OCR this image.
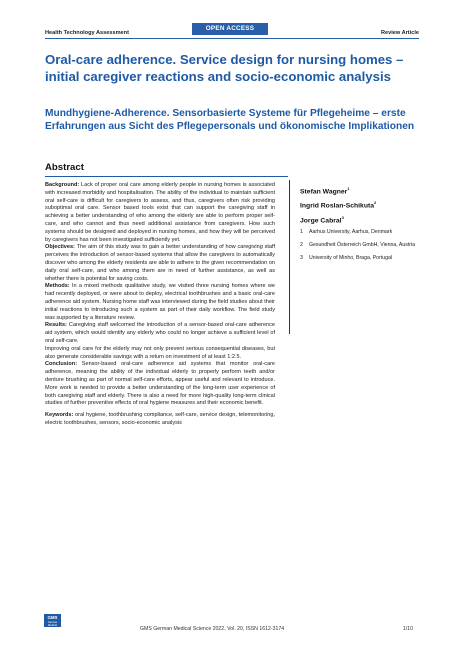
Health Technology Assessment
OPEN ACCESS
Review Article
Oral-care adherence. Service design for nursing homes – initial caregiver reactions and socio-economic analysis
Mundhygiene-Adherence. Sensorbasierte Systeme für Pflegeheime – erste Erfahrungen aus Sicht des Pflegepersonals und ökonomische Implikationen
Abstract

Background: Lack of proper oral care among elderly people in nursing homes is associated with increased morbidity and hospitalisation. The ability of the individual to maintain sufficient oral self-care is difficult for caregivers to assess, and thus, caregivers often risk providing suboptimal oral care. Sensor based tools exist that can support the caregiving staff in achieving a better understanding of who among the elderly are able to perform proper self-care, and who cannot and thus need additional assistance from caregivers. How such systems should be designed and deployed in nursing homes, and how they will be perceived by caregivers has not been investigated sufficiently yet.

Objectives: The aim of this study was to gain a better understanding of how caregiving staff perceives the introduction of sensor-based systems that allow the caregivers to automatically discover who among the elderly residents are able to adhere to the given recommendation on daily oral self-care, and who among them are in need of further assistance, as well as whether there is potential for saving costs.

Methods: In a mixed methods qualitative study, we visited three nursing homes where we had recently deployed, or were about to deploy, electrical toothbrushes and a basic oral-care adherence aid system. Nursing home staff was interviewed during the field studies about their initial reactions to introducing such a system as part of their daily workflow. The field study was supported by a literature review.

Results: Caregiving staff welcomed the introduction of a sensor-based oral-care adherence aid system, which would identify any elderly who could no longer achieve a sufficient level of oral self-care.

Improving oral care for the elderly may not only prevent serious consequential diseases, but also generate considerable savings with a return on investment of at least 1:2.5.

Conclusion: Sensor-based oral-care adherence aid systems that monitor oral-care adherence, meaning the ability of the individual elderly to properly perform teeth and/or denture brushing as part of normal self-care efforts, appear useful and relevant to introduce. More work is needed to provide a better understanding of the long-term user experience of both caregiving staff and elderly. There is also a need for more high-quality long-term clinical studies of further preventive effects of oral hygiene measures and their economic benefit.

Keywords: oral hygiene, toothbrushing compliance, self-care, service design, telemonitoring, electric toothbrushes, sensors, socio-economic analysis

Stefan Wagner$^1$
Ingrid Roslan-Schikuta$^2$
Jorge Cabral$^3$
1	Aarhus University, Aarhus, Denmark
2	Gesundheit Österreich GmbH, Vienna, Austria
3	University of Minho, Braga, Portugal
GMS
German Medical Science	GMS German Medical Science 2022, Vol. 20, ISSN 1612-3174	1/10
